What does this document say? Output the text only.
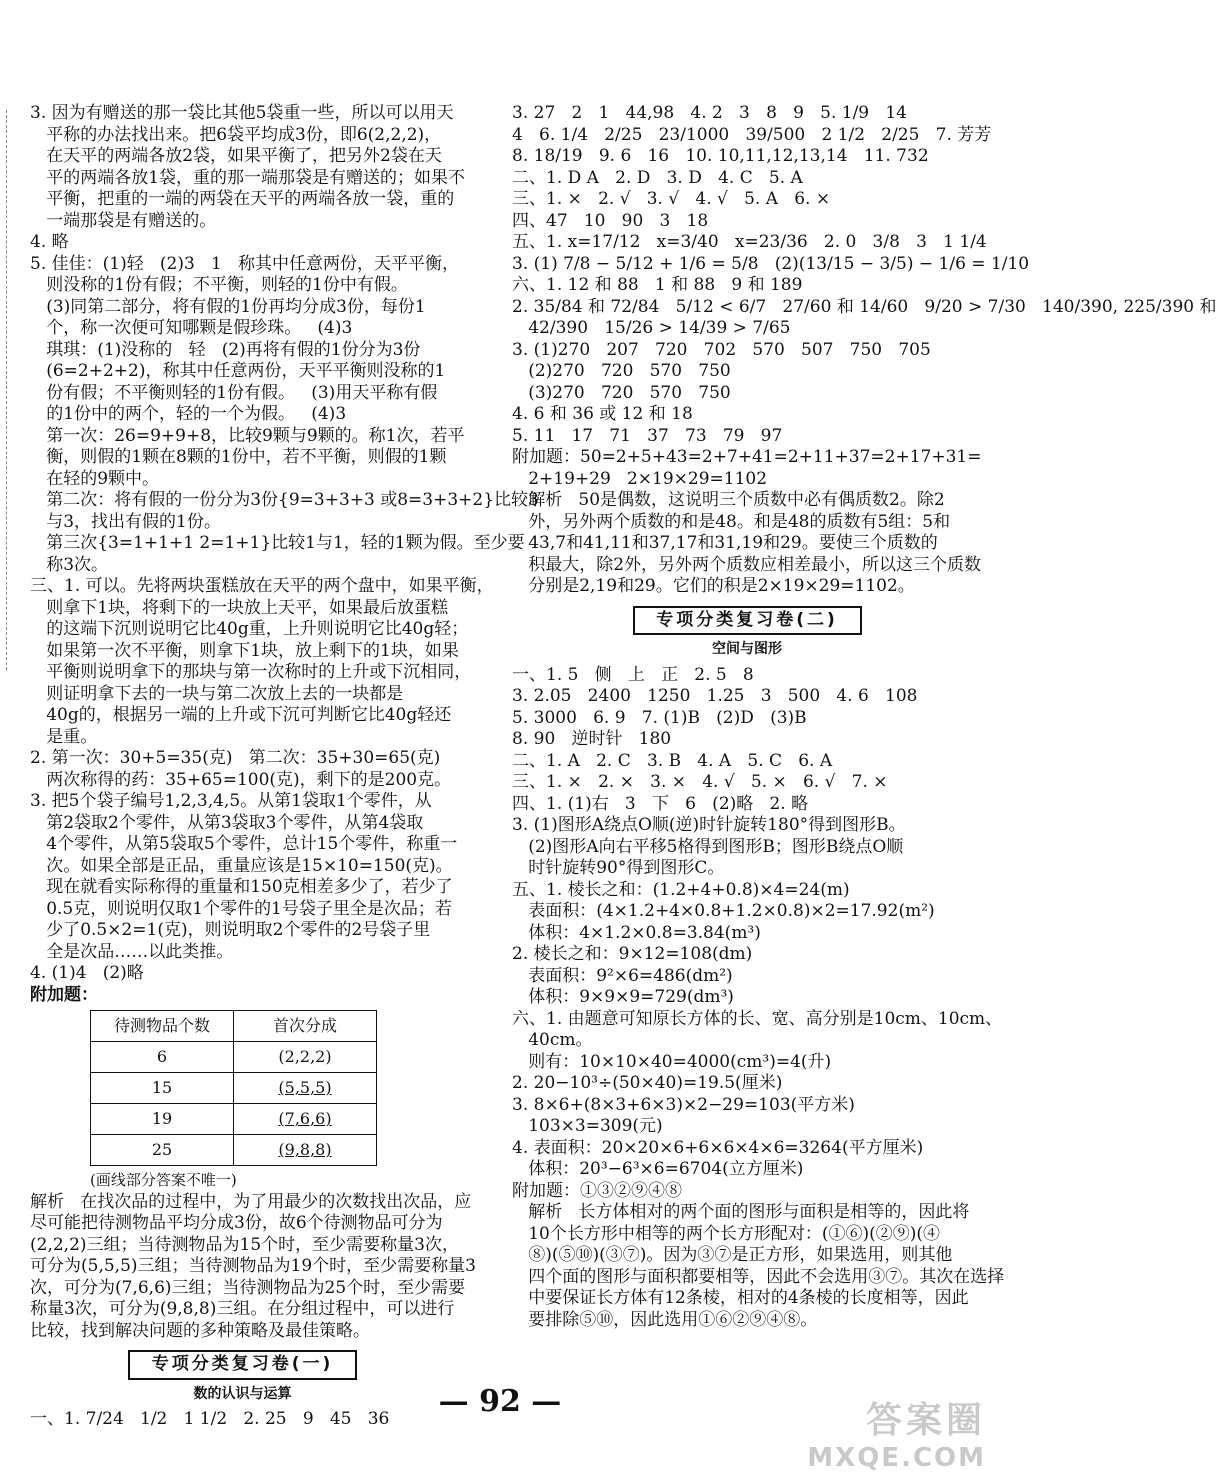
3. 因为有赠送的那一袋比其他5袋重一些，所以可以用天
平称的办法找出来。把6袋平均成3份，即6(2,2,2)，
在天平的两端各放2袋，如果平衡了，把另外2袋在天
平的两端各放1袋，重的那一端那袋是有赠送的；如果不
平衡，把重的一端的两袋在天平的两端各放一袋，重的
一端那袋是有赠送的。
4. 略
5. 佳佳：(1)轻   (2)3   1   称其中任意两份，天平平衡，
则没称的1份有假；不平衡，则轻的1份中有假。
(3)同第二部分，将有假的1份再均分成3份，每份1
个，称一次便可知哪颗是假珍珠。   (4)3
琪琪：(1)没称的   轻   (2)再将有假的1份分为3份
(6=2+2+2)，称其中任意两份，天平平衡则没称的1
份有假；不平衡则轻的1份有假。   (3)用天平称有假
的1份中的两个，轻的一个为假。   (4)3
第一次：26=9+9+8，比较9颗与9颗的。称1次，若平
衡，则假的1颗在8颗的1份中，若不平衡，则假的1颗
在轻的9颗中。
第二次：将有假的一份分为3份{9=3+3+3 或8=3+3+2}比较3
与3，找出有假的1份。
第三次{3=1+1+1 2=1+1}比较1与1，轻的1颗为假。至少要
称3次。
三、1. 可以。先将两块蛋糕放在天平的两个盘中，如果平衡，
则拿下1块，将剩下的一块放上天平，如果最后放蛋糕
的这端下沉则说明它比40g重，上升则说明它比40g轻；
如果第一次不平衡，则拿下1块，放上剩下的1块，如果
平衡则说明拿下的那块与第一次称时的上升或下沉相同，
则证明拿下去的一块与第二次放上去的一块都是
40g的，根据另一端的上升或下沉可判断它比40g轻还
是重。
2. 第一次：30+5=35(克)   第二次：35+30=65(克)
两次称得的药：35+65=100(克)，剩下的是200克。
3. 把5个袋子编号1,2,3,4,5。从第1袋取1个零件，从
第2袋取2个零件，从第3袋取3个零件，从第4袋取
4个零件，从第5袋取5个零件，总计15个零件，称重一
次。如果全部是正品，重量应该是15×10=150(克)。
现在就看实际称得的重量和150克相差多少了，若少了
0.5克，则说明仅取1个零件的1号袋子里全是次品；若
少了0.5×2=1(克)，则说明取2个零件的2号袋子里
全是次品……以此类推。
4. (1)4   (2)略
附加题：
待测物品个数	首次分成
6	(2,2,2)
15	(5,5,5)
19	(7,6,6)
25	(9,8,8)
(画线部分答案不唯一)
解析   在找次品的过程中，为了用最少的次数找出次品，应
尽可能把待测物品平均分成3份，故6个待测物品可分为
(2,2,2)三组；当待测物品为15个时，至少需要称量3次，
可分为(5,5,5)三组；当待测物品为19个时，至少需要称量3
次，可分为(7,6,6)三组；当待测物品为25个时，至少需要
称量3次，可分为(9,8,8)三组。在分组过程中，可以进行
比较，找到解决问题的多种策略及最佳策略。
专项分类复习卷(一)
数的认识与运算
一、1. 7/24   1/2   1 1/2   2. 25   9   45   36
3. 27   2   1   44,98   4. 2   3   8   9   5. 1/9   14
4   6. 1/4   2/25   23/1000   39/500   2 1/2   2/25   7. 芳芳
8. 18/19   9. 6   16   10. 10,11,12,13,14   11. 732
二、1. D A   2. D   3. D   4. C   5. A
三、1. ×   2. √   3. √   4. √   5. A   6. ×
四、47   10   90   3   18
五、1. x=17/12   x=3/40   x=23/36   2. 0   3/8   3   1 1/4
3. (1) 7/8 − 5/12 + 1/6 = 5/8   (2)(13/15 − 3/5) − 1/6 = 1/10
六、1. 12 和 88   1 和 88   9 和 189
2. 35/84 和 72/84   5/12 < 6/7   27/60 和 14/60   9/20 > 7/30   140/390, 225/390 和
42/390   15/26 > 14/39 > 7/65
3. (1)270   207   720   702   570   507   750   705
(2)270   720   570   750
(3)270   720   570   750
4. 6 和 36 或 12 和 18
5. 11   17   71   37   73   79   97
附加题：50=2+5+43=2+7+41=2+11+37=2+17+31=
2+19+29   2×19×29=1102
解析   50是偶数，这说明三个质数中必有偶质数2。除2
外，另外两个质数的和是48。和是48的质数有5组：5和
43,7和41,11和37,17和31,19和29。要使三个质数的
积最大，除2外，另外两个质数应相差最小，所以这三个质数
分别是2,19和29。它们的积是2×19×29=1102。
专项分类复习卷(二)
空间与图形
一、1. 5   侧   上   正   2. 5   8
3. 2.05   2400   1250   1.25   3   500   4. 6   108
5. 3000   6. 9   7. (1)B   (2)D   (3)B
8. 90   逆时针   180
二、1. A   2. C   3. B   4. A   5. C   6. A
三、1. ×   2. ×   3. ×   4. √   5. ×   6. √   7. ×
四、1. (1)右   3   下   6   (2)略   2. 略
3. (1)图形A绕点O顺(逆)时针旋转180°得到图形B。
(2)图形A向右平移5格得到图形B；图形B绕点O顺
时针旋转90°得到图形C。
五、1. 棱长之和：(1.2+4+0.8)×4=24(m)
表面积：(4×1.2+4×0.8+1.2×0.8)×2=17.92(m²)
体积：4×1.2×0.8=3.84(m³)
2. 棱长之和：9×12=108(dm)
表面积：9²×6=486(dm²)
体积：9×9×9=729(dm³)
六、1. 由题意可知原长方体的长、宽、高分别是10cm、10cm、
40cm。
则有：10×10×40=4000(cm³)=4(升)
2. 20−10³÷(50×40)=19.5(厘米)
3. 8×6+(8×3+6×3)×2−29=103(平方米)
103×3=309(元)
4. 表面积：20×20×6+6×6×4×6=3264(平方厘米)
体积：20³−6³×6=6704(立方厘米)
附加题：①③②⑨④⑧
解析   长方体相对的两个面的图形与面积是相等的，因此将
10个长方形中相等的两个长方形配对：(①⑥)(②⑨)(④
⑧)(⑤⑩)(③⑦)。因为③⑦是正方形，如果选用，则其他
四个面的图形与面积都要相等，因此不会选用③⑦。其次在选择
中要保证长方体有12条棱，相对的4条棱的长度相等，因此
要排除⑤⑩，因此选用①⑥②⑨④⑧。
— 92 —	答案圈
MXQE.COM
